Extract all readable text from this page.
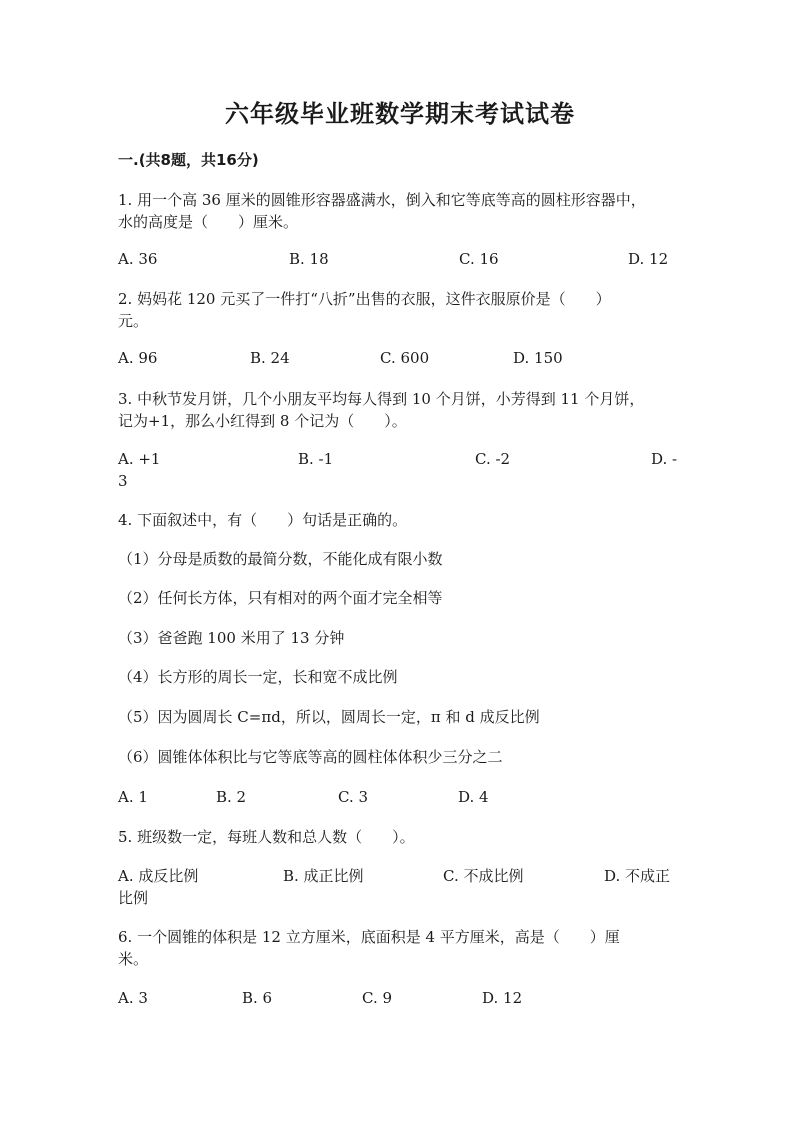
六年级毕业班数学期末考试试卷
一.(共8题，共16分)
1. 用一个高 36 厘米的圆锥形容器盛满水，倒入和它等底等高的圆柱形容器中，
水的高度是（　　）厘米。
A. 36	B. 18	C. 16	D. 12
2. 妈妈花 120 元买了一件打“八折”出售的衣服，这件衣服原价是（　　）
元。
A. 96	B. 24	C. 600	D. 150
3. 中秋节发月饼，几个小朋友平均每人得到 10 个月饼，小芳得到 11 个月饼，
记为+1，那么小红得到 8 个记为（　　）。
A. +1	B. -1	C. -2	D. -
3
4. 下面叙述中，有（　　）句话是正确的。
（1）分母是质数的最简分数，不能化成有限小数
（2）任何长方体，只有相对的两个面才完全相等
（3）爸爸跑 100 米用了 13 分钟
（4）长方形的周长一定，长和宽不成比例
（5）因为圆周长 C=πd，所以，圆周长一定，π 和 d 成反比例
（6）圆锥体体积比与它等底等高的圆柱体体积少三分之二
A. 1	B. 2	C. 3	D. 4
5. 班级数一定，每班人数和总人数（　　）。
A. 成反比例	B. 成正比例	C. 不成比例	D. 不成正
比例
6. 一个圆锥的体积是 12 立方厘米，底面积是 4 平方厘米，高是（　　）厘
米。
A. 3	B. 6	C. 9	D. 12
